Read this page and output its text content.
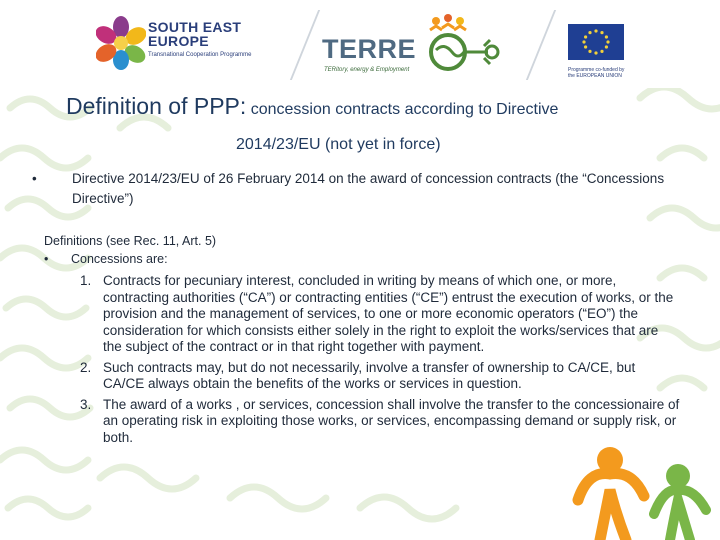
SOUTH EAST
EUROPE
Transnational Cooperation Programme	TERRE
TERitory, energy & Employment	Programme co-funded by the EUROPEAN UNION
Definition of PPP: concession contracts according to Directive
2014/23/EU (not yet in force)
•	Directive 2014/23/EU of 26 February 2014 on the award of concession contracts (the “Concessions Directive”)
Definitions (see Rec. 11, Art. 5)
• Concessions are:
1. Contracts for pecuniary interest, concluded in writing by means of which one, or more, contracting authorities (“CA”) or contracting entities (“CE”) entrust the execution of works, or the provision and the management of services, to one or more economic operators (“EO”) the consideration for which consists either solely in the right to exploit the works/services that are the subject of the contract or in that right together with payment.
2. Such contracts may, but do not necessarily, involve a transfer of ownership to CA/CE, but CA/CE always obtain the benefits of the works or services in question.
3. The award of a works , or services, concession shall involve the transfer to the concessionaire of an operating risk in exploiting those works, or services, encompassing demand or supply risk, or both.
